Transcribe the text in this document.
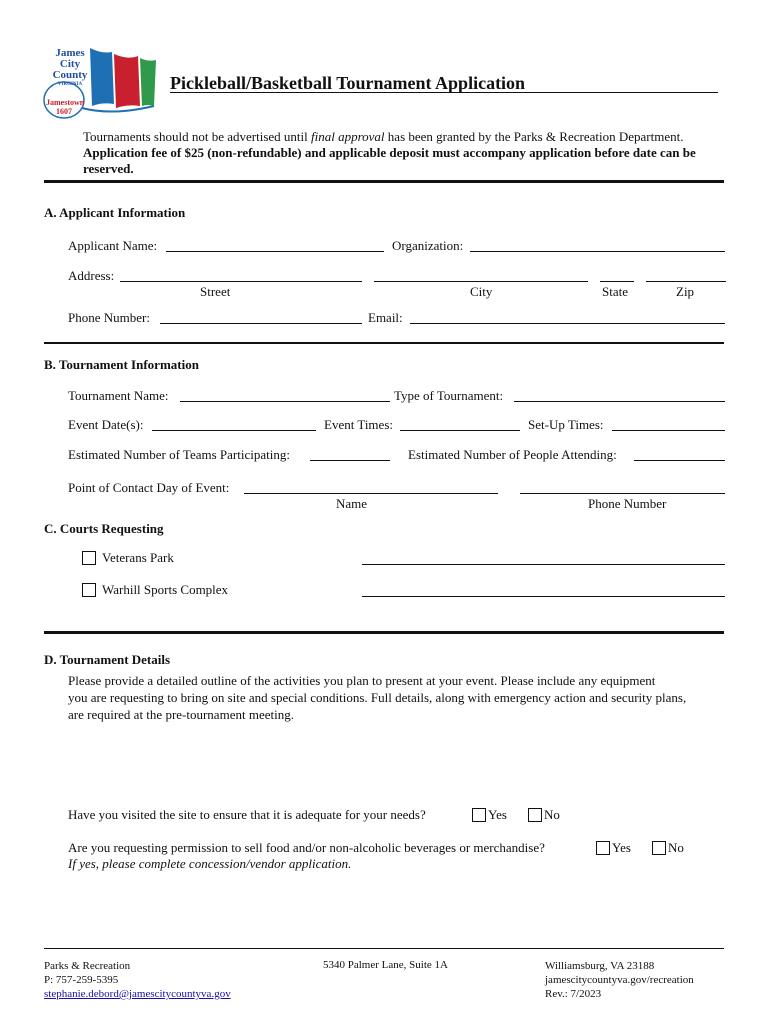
James
City
County
VIRGINIA
Jamestown
1607
Pickleball/Basketball Tournament Application
Tournaments should not be advertised until final approval has been granted by the Parks & Recreation Department.
Application fee of $25 (non-refundable) and applicable deposit must accompany application before date can be
reserved.
A. Applicant Information
Applicant Name:	Organization:
Address:
Street	City	State	Zip
Phone Number:	Email:
B. Tournament Information
Tournament Name:	Type of Tournament:
Event Date(s):	Event Times:	Set-Up Times:
Estimated Number of Teams Participating:	Estimated Number of People Attending:
Point of Contact Day of Event:
Name	Phone Number
C. Courts Requesting
Veterans Park
Warhill Sports Complex
D. Tournament Details
Please provide a detailed outline of the activities you plan to present at your event. Please include any equipment
you are requesting to bring on site and special conditions. Full details, along with emergency action and security plans,
are required at the pre-tournament meeting.
Have you visited the site to ensure that it is adequate for your needs?	Yes	No
Are you requesting permission to sell food and/or non-alcoholic beverages or merchandise?	Yes	No
If yes, please complete concession/vendor application.
Parks & Recreation
P: 757-259-5395
stephanie.debord@jamescitycountyva.gov
5340 Palmer Lane, Suite 1A	Williamsburg, VA 23188
jamescitycountyva.gov/recreation
Rev.: 7/2023
